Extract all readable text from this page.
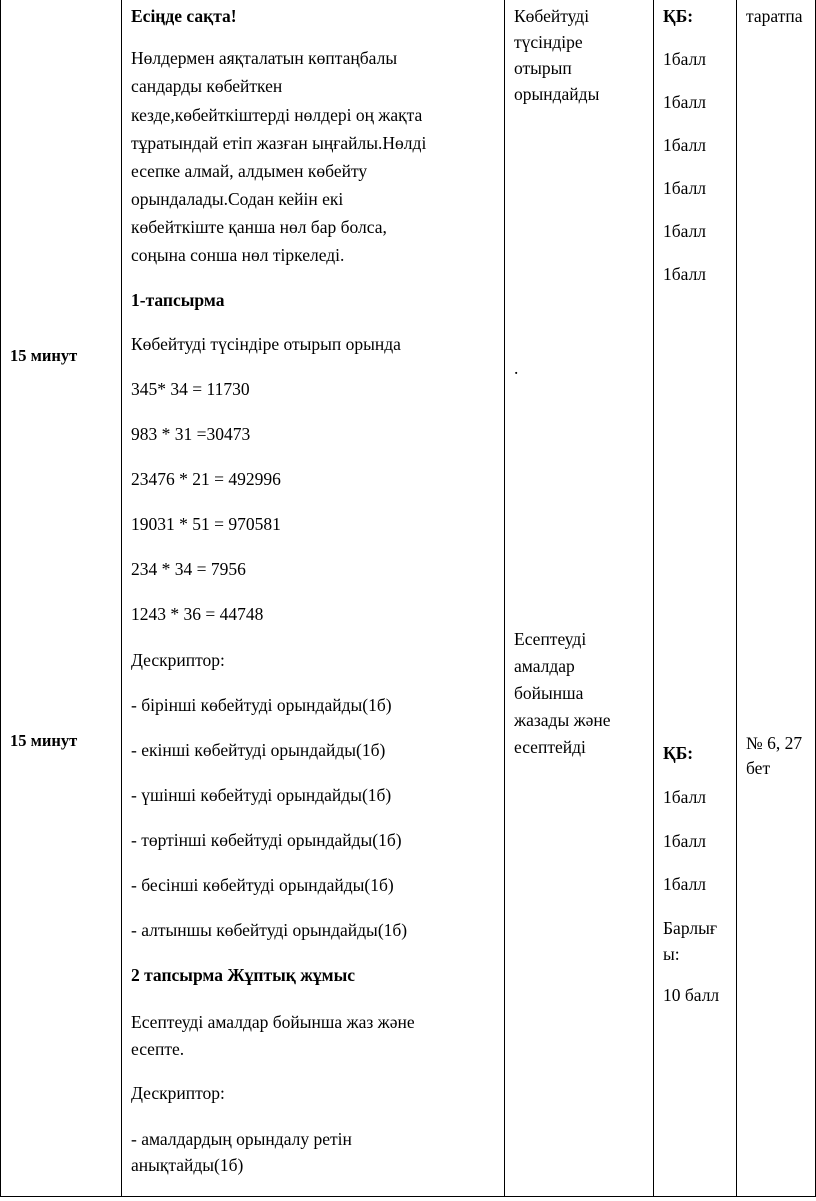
15 минут
15 минут
Есіңде сақта!
Нөлдермен аяқталатын көптаңбалы
сандарды көбейткен
кезде,көбейткіштерді нөлдері оң жақта
тұратындай етіп жазған ыңғайлы.Нөлді
есепке алмай, алдымен көбейту
орындалады.Содан кейін екі
көбейткіште қанша нөл бар болса,
соңына сонша нөл тіркеледі.
1-тапсырма
Көбейтуді түсіндіре отырып орында
345* 34 = 11730
983 * 31 =30473
23476 * 21 = 492996
19031 * 51 = 970581
234 * 34 = 7956
1243 * 36 = 44748
Дескриптор:
- бірінші көбейтуді орындайды(1б)
- екінші көбейтуді орындайды(1б)
- үшінші көбейтуді орындайды(1б)
- төртінші көбейтуді орындайды(1б)
- бесінші көбейтуді орындайды(1б)
- алтыншы көбейтуді орындайды(1б)
2 тапсырма Жұптық жұмыс
Есептеуді амалдар бойынша жаз және
есепте.
Дескриптор:
- амалдардың орындалу ретін
анықтайды(1б)
Көбейтуді
түсіндіре
отырып
орындайды
.
Есептеуді
амалдар
бойынша
жазады және
есептейді
ҚБ:
1балл
1балл
1балл
1балл
1балл
1балл
ҚБ:
1балл
1балл
1балл
Барлығ
ы:
10 балл
таратпа
№ 6, 27
бет
